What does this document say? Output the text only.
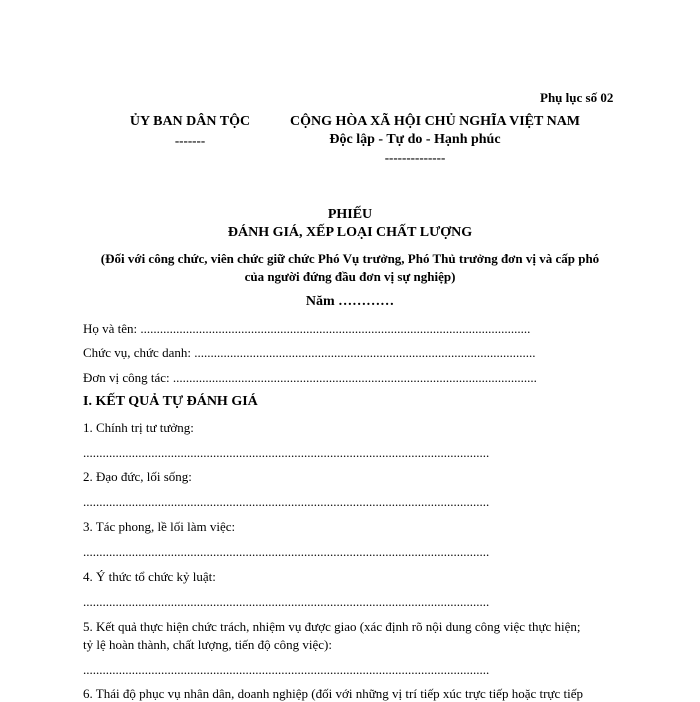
Phụ lục số 02
ỦY BAN DÂN TỘC
-------
CỘNG HÒA XÃ HỘI CHỦ NGHĨA VIỆT NAM
Độc lập - Tự do - Hạnh phúc
--------------
PHIẾU
ĐÁNH GIÁ, XẾP LOẠI CHẤT LƯỢNG
(Đối với công chức, viên chức giữ chức Phó Vụ trưởng, Phó Thủ trưởng đơn vị và cấp phó
của người đứng đầu đơn vị sự nghiệp)
Năm …………
Họ và tên: ........................................................................................................................
Chức vụ, chức danh: .........................................................................................................
Đơn vị công tác: ................................................................................................................
I. KẾT QUẢ TỰ ĐÁNH GIÁ
1. Chính trị tư tưởng:
.............................................................................................................................
2. Đạo đức, lối sống:
.............................................................................................................................
3. Tác phong, lề lối làm việc:
.............................................................................................................................
4. Ý thức tổ chức kỷ luật:
.............................................................................................................................
5. Kết quả thực hiện chức trách, nhiệm vụ được giao (xác định rõ nội dung công việc thực hiện;
tỷ lệ hoàn thành, chất lượng, tiến độ công việc):
.............................................................................................................................
6. Thái độ phục vụ nhân dân, doanh nghiệp (đối với những vị trí tiếp xúc trực tiếp hoặc trực tiếp
